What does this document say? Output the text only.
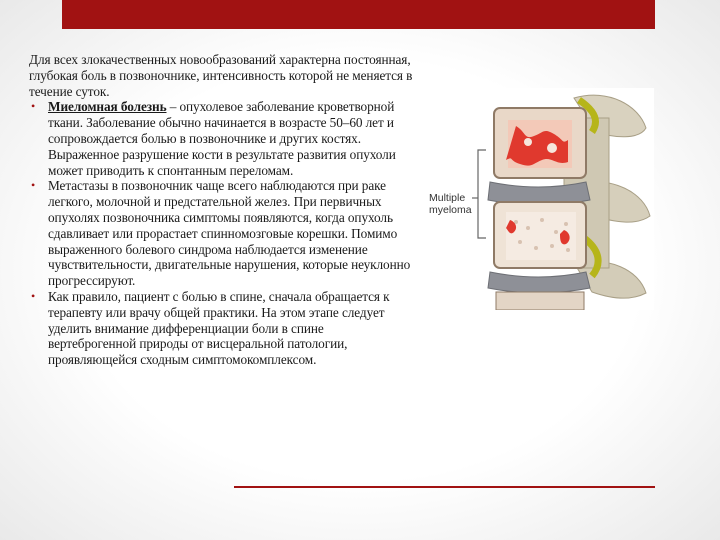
Для всех злокачественных новообразований характерна постоянная, глубокая боль в позвоночнике, интенсивность которой не меняется в течение суток.

• Миеломная болезнь – опухолевое заболевание кроветворной ткани. Заболевание обычно начинается в возрасте 50–60 лет и сопровождается болью в позвоночнике и других костях. Выраженное разрушение кости в результате развития опухоли может приводить к спонтанным переломам.
• Метастазы в позвоночник чаще всего наблюдаются при раке легкого, молочной и предстательной желез. При первичных опухолях позвоночника симптомы появляются, когда опухоль сдавливает или прорастает спинномозговые корешки. Помимо выраженного болевого синдрома наблюдается изменение чувствительности, двигательные нарушения, которые неуклонно прогрессируют.
• Как правило, пациент с болью в спине, сначала обращается к терапевту или врачу общей практики. На этом этапе следует уделить внимание дифференциации боли в спине вертеброгенной природы от висцеральной патологии, проявляющейся сходным симптомокомплексом.
Multiple
myeloma
